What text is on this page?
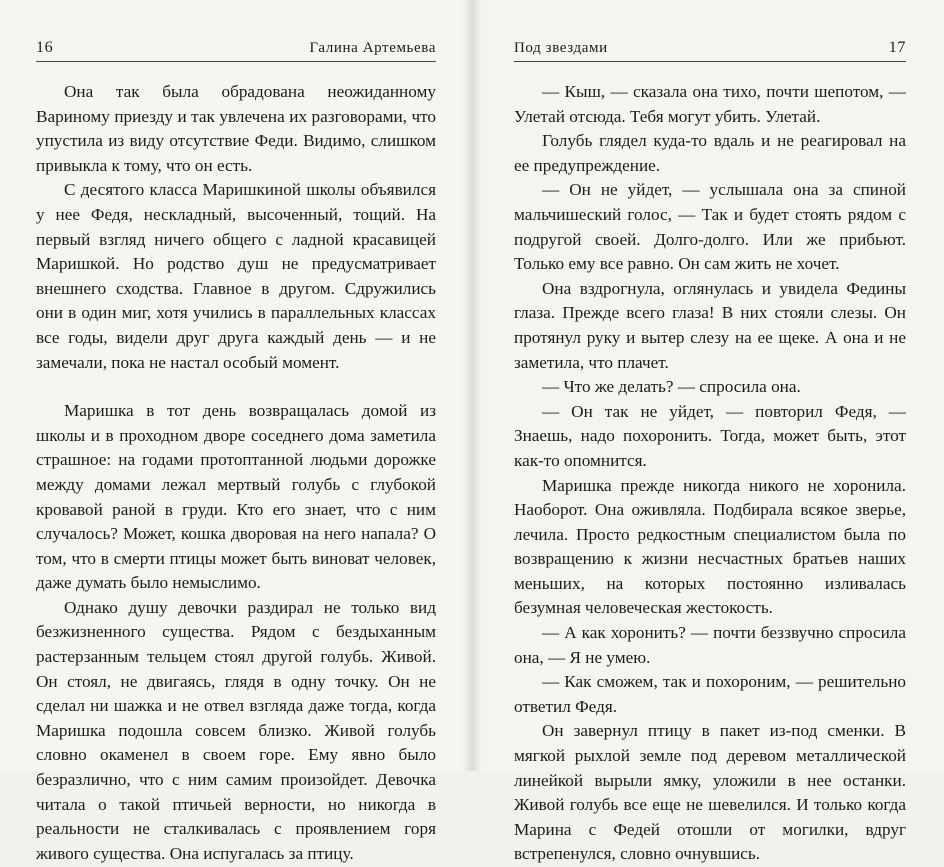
16	Галина Артемьева

Она так была обрадована неожиданному Вариному приезду и так увлечена их разговорами, что упустила из виду отсутствие Феди. Видимо, слишком привыкла к тому, что он есть.

С десятого класса Маришкиной школы объявился у нее Федя, нескладный, высоченный, тощий. На первый взгляд ничего общего с ладной красавицей Маришкой. Но родство душ не предусматривает внешнего сходства. Главное в другом. Сдружились они в один миг, хотя учились в параллельных классах все годы, видели друг друга каждый день — и не замечали, пока не настал особый момент.

Маришка в тот день возвращалась домой из школы и в проходном дворе соседнего дома заметила страшное: на годами протоптанной людьми дорожке между домами лежал мертвый голубь с глубокой кровавой раной в груди. Кто его знает, что с ним случалось? Может, кошка дворовая на него напала? О том, что в смерти птицы может быть виноват человек, даже думать было немыслимо.

Однако душу девочки раздирал не только вид безжизненного существа. Рядом с бездыханным растерзанным тельцем стоял другой голубь. Живой. Он стоял, не двигаясь, глядя в одну точку. Он не сделал ни шажка и не отвел взгляда даже тогда, когда Маришка подошла совсем близко. Живой голубь словно окаменел в своем горе. Ему явно было безразлично, что с ним самим произойдет. Девочка читала о такой птичьей верности, но никогда в реальности не сталкивалась с проявлением горя живого существа. Она испугалась за птицу.

Под звездами	17

— Кыш, — сказала она тихо, почти шепотом, — Улетай отсюда. Тебя могут убить. Улетай.

Голубь глядел куда-то вдаль и не реагировал на ее предупреждение.

— Он не уйдет, — услышала она за спиной мальчишеский голос, — Так и будет стоять рядом с подругой своей. Долго-долго. Или же прибьют. Только ему все равно. Он сам жить не хочет.

Она вздрогнула, оглянулась и увидела Федины глаза. Прежде всего глаза! В них стояли слезы. Он протянул руку и вытер слезу на ее щеке. А она и не заметила, что плачет.

— Что же делать? — спросила она.

— Он так не уйдет, — повторил Федя, — Знаешь, надо похоронить. Тогда, может быть, этот как-то опомнится.

Маришка прежде никогда никого не хоронила. Наоборот. Она оживляла. Подбирала всякое зверье, лечила. Просто редкостным специалистом была по возвращению к жизни несчастных братьев наших меньших, на которых постоянно изливалась безумная человеческая жестокость.

— А как хоронить? — почти беззвучно спросила она, — Я не умею.

— Как сможем, так и похороним, — решительно ответил Федя.

Он завернул птицу в пакет из-под сменки. В мягкой рыхлой земле под деревом металлической линейкой вырыли ямку, уложили в нее останки. Живой голубь все еще не шевелился. И только когда Марина с Федей отошли от могилки, вдруг встрепенулся, словно очнувшись.
